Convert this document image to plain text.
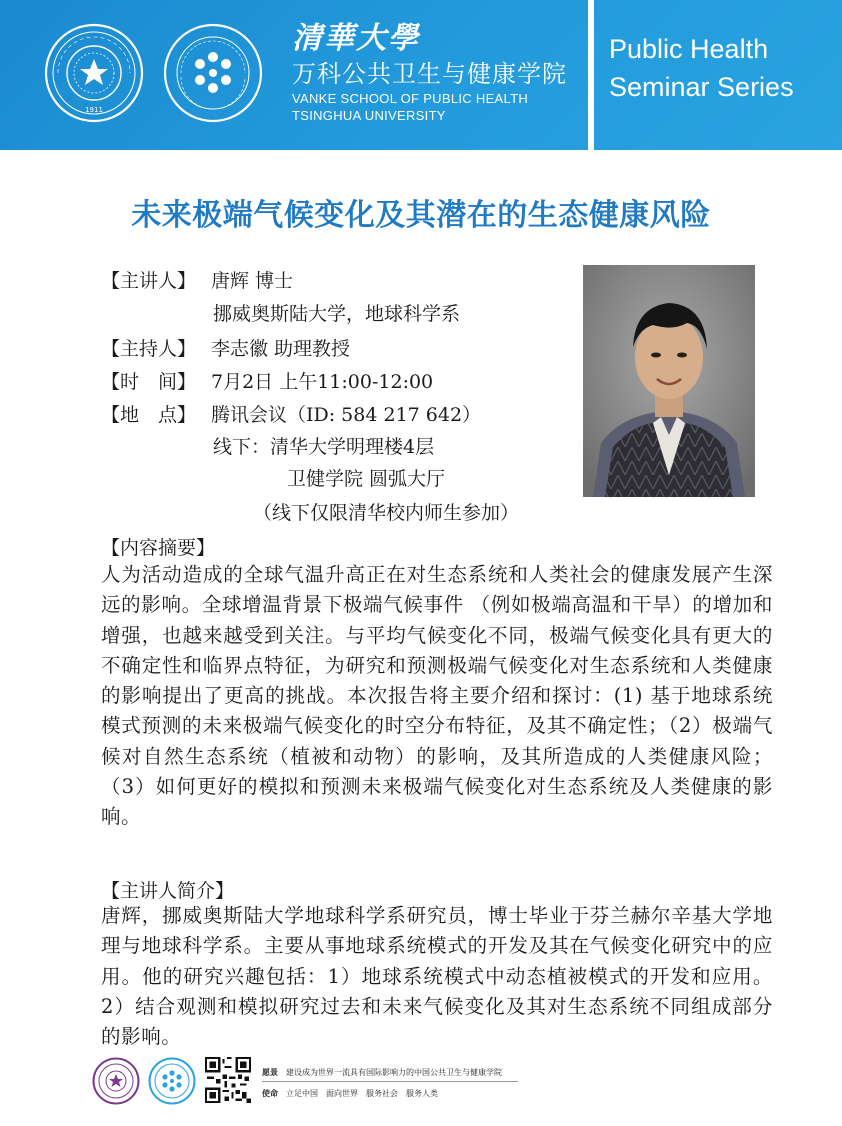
1911
清華大學
万科公共卫生与健康学院
VANKE SCHOOL OF PUBLIC HEALTH
TSINGHUA UNIVERSITY
Public Health
Seminar Series
未来极端气候变化及其潜在的生态健康风险
【主讲人】 唐辉 博士
挪威奥斯陆大学，地球科学系
【主持人】 李志徽 助理教授
【时　间】 7月2日 上午11:00-12:00
【地　点】 腾讯会议（ID: 584 217 642）
线下：清华大学明理楼4层
卫健学院 圆弧大厅
（线下仅限清华校内师生参加）
【内容摘要】
人为活动造成的全球气温升高正在对生态系统和人类社会的健康发展产生深远的影响。全球增温背景下极端气候事件 （例如极端高温和干旱）的增加和增强，也越来越受到关注。与平均气候变化不同，极端气候变化具有更大的不确定性和临界点特征，为研究和预测极端气候变化对生态系统和人类健康的影响提出了更高的挑战。本次报告将主要介绍和探讨：(1) 基于地球系统模式预测的未来极端气候变化的时空分布特征，及其不确定性；（2）极端气候对自然生态系统（植被和动物）的影响，及其所造成的人类健康风险；（3）如何更好的模拟和预测未来极端气候变化对生态系统及人类健康的影响。
【主讲人简介】
唐辉，挪威奥斯陆大学地球科学系研究员，博士毕业于芬兰赫尔辛基大学地理与地球科学系。主要从事地球系统模式的开发及其在气候变化研究中的应用。他的研究兴趣包括：1）地球系统模式中动态植被模式的开发和应用。 2）结合观测和模拟研究过去和未来气候变化及其对生态系统不同组成部分的影响。
愿景 建设成为世界一流具有国际影响力的中国公共卫生与健康学院
使命 立足中国　面向世界　服务社会　服务人类
